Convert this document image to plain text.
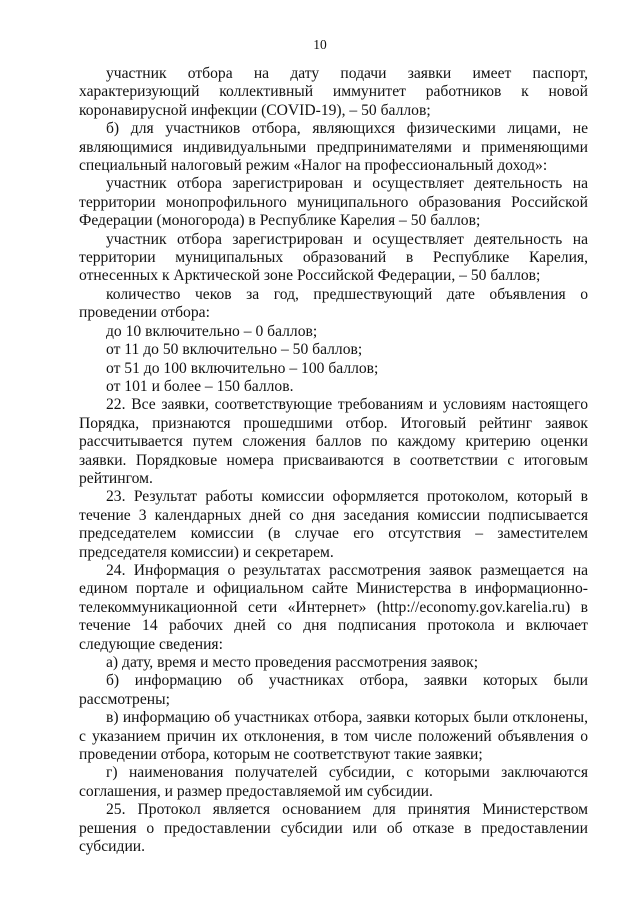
10

участник отбора на дату подачи заявки имеет паспорт, характеризующий коллективный иммунитет работников к новой коронавирусной инфекции (COVID-19), – 50 баллов;

б) для участников отбора, являющихся физическими лицами, не являющимися индивидуальными предпринимателями и применяющими специальный налоговый режим «Налог на профессиональный доход»:

участник отбора зарегистрирован и осуществляет деятельность на территории монопрофильного муниципального образования Российской Федерации (моногорода) в Республике Карелия – 50 баллов;

участник отбора зарегистрирован и осуществляет деятельность на территории муниципальных образований в Республике Карелия, отнесенных к Арктической зоне Российской Федерации, – 50 баллов;

количество чеков за год, предшествующий дате объявления о проведении отбора:

до 10 включительно – 0 баллов;

от 11 до 50 включительно – 50 баллов;

от 51 до 100 включительно – 100 баллов;

от 101 и более – 150 баллов.

22. Все заявки, соответствующие требованиям и условиям настоящего Порядка, признаются прошедшими отбор. Итоговый рейтинг заявок рассчитывается путем сложения баллов по каждому критерию оценки заявки. Порядковые номера присваиваются в соответствии с итоговым рейтингом.

23. Результат работы комиссии оформляется протоколом, который в течение 3 календарных дней со дня заседания комиссии подписывается председателем комиссии (в случае его отсутствия – заместителем председателя комиссии) и секретарем.

24. Информация о результатах рассмотрения заявок размещается на едином портале и официальном сайте Министерства в информационно-телекоммуникационной сети «Интернет» (http://economy.gov.karelia.ru) в течение 14 рабочих дней со дня подписания протокола и включает следующие сведения:

а) дату, время и место проведения рассмотрения заявок;

б) информацию об участниках отбора, заявки которых были рассмотрены;

в) информацию об участниках отбора, заявки которых были отклонены, с указанием причин их отклонения, в том числе положений объявления о проведении отбора, которым не соответствуют такие заявки;

г) наименования получателей субсидии, с которыми заключаются соглашения, и размер предоставляемой им субсидии.

25. Протокол является основанием для принятия Министерством решения о предоставлении субсидии или об отказе в предоставлении субсидии.
